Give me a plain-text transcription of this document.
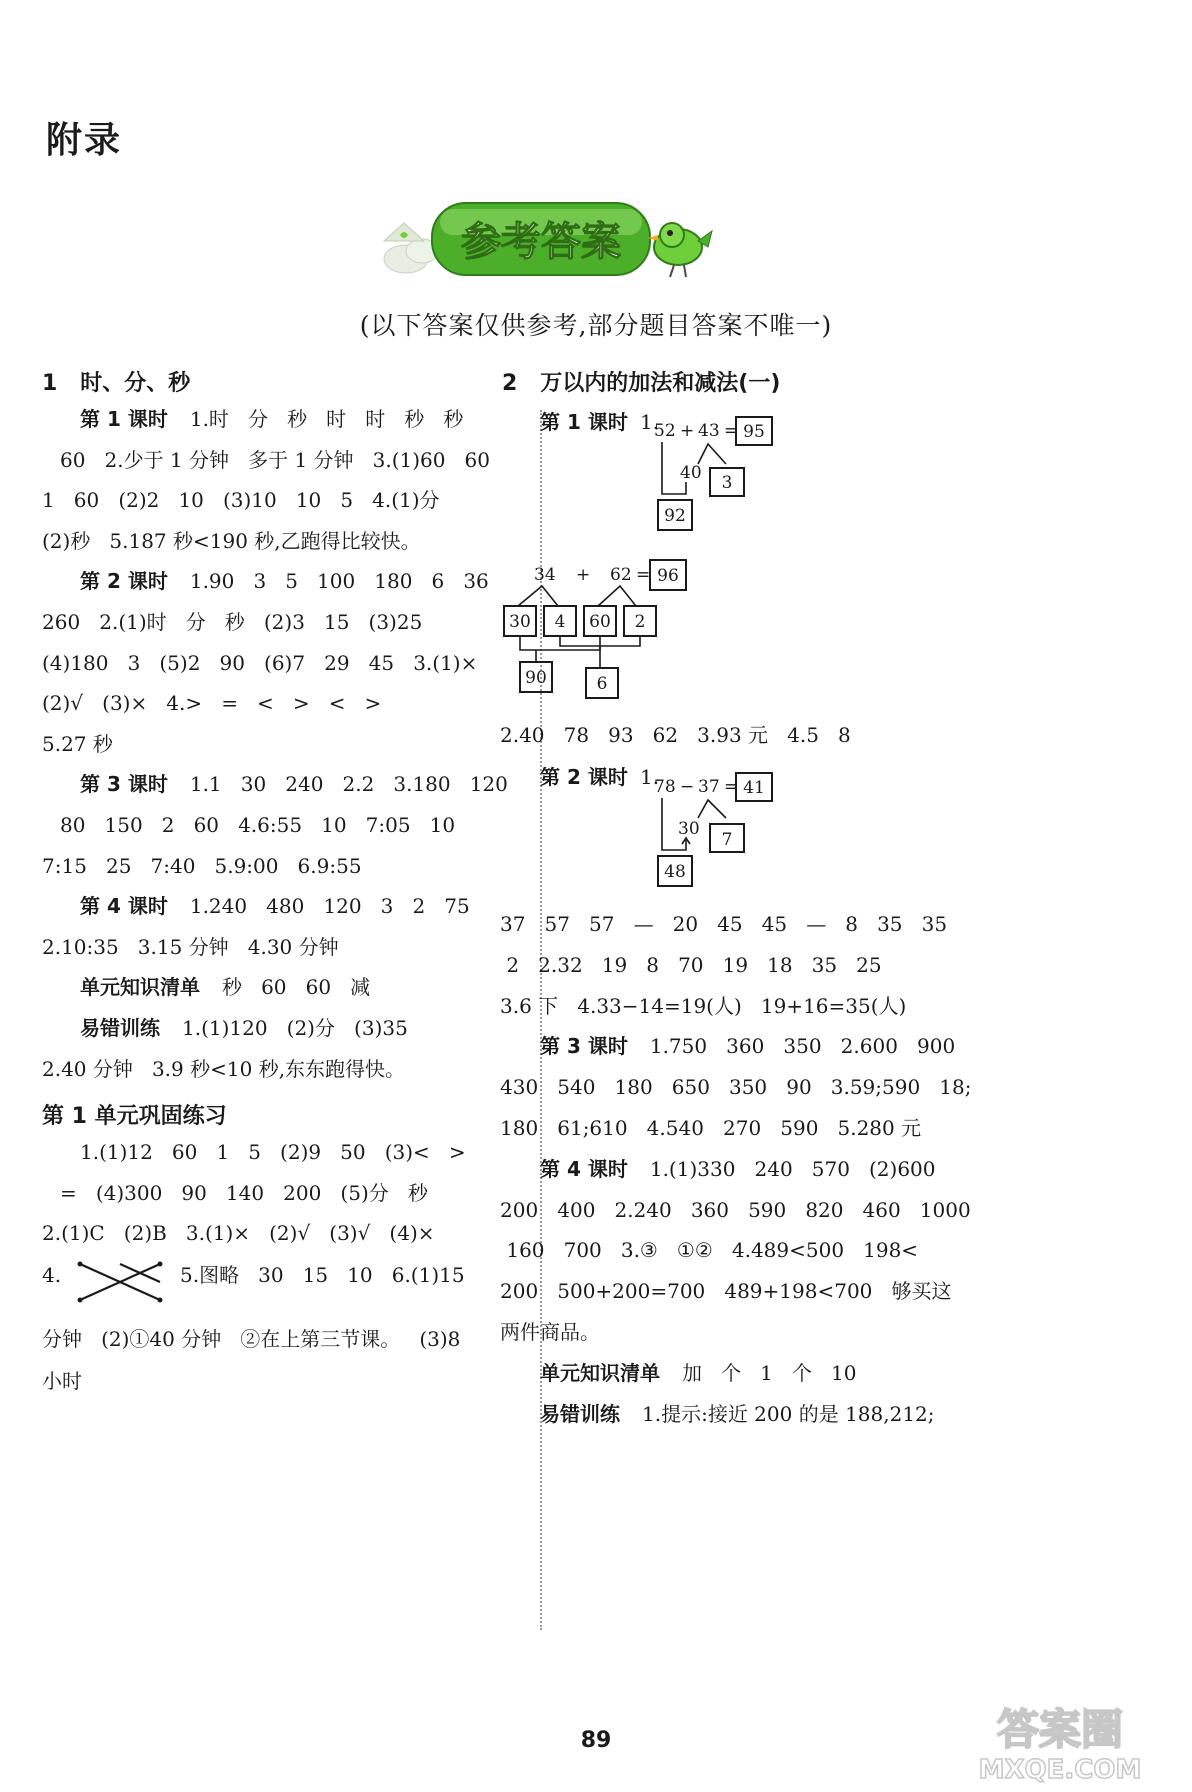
附录
参考答案
(以下答案仅供参考,部分题目答案不唯一)
1   时、分、秒
第 1 课时 1.时   分   秒   时   时   秒   秒
60   2.少于 1 分钟   多于 1 分钟   3.(1)60   60
1   60   (2)2   10   (3)10   10   5   4.(1)分
(2)秒   5.187 秒<190 秒,乙跑得比较快。
第 2 课时 1.90   3   5   100   180   6   36
260   2.(1)时   分   秒   (2)3   15   (3)25
(4)180   3   (5)2   90   (6)7   29   45   3.(1)×
(2)√   (3)×   4.>   =   <   >   <   >
5.27 秒
第 3 课时 1.1   30   240   2.2   3.180   120
80   150   2   60   4.6:55   10   7:05   10
7:15   25   7:40   5.9:00   6.9:55
第 4 课时 1.240   480   120   3   2   75
2.10:35   3.15 分钟   4.30 分钟
单元知识清单 秒   60   60   减
易错训练 1.(1)120   (2)分   (3)35
2.40 分钟   3.9 秒<10 秒,东东跑得快。
第 1 单元巩固练习
1.(1)12   60   1   5   (2)9   50   (3)<   >
=   (4)300   90   140   200   (5)分   秒
2.(1)C   (2)B   3.(1)×   (2)√   (3)√   (4)×
4.	5.图略   30   15   10   6.(1)15
分钟   (2)①40 分钟   ②在上第三节课。   (3)8
小时
2   万以内的加法和减法(一)
第 1 课时 1.
52 + 43 = 95
40 3
92
34 + 62 = 96
30 4 60 2
90	6
2.40   78   93   62   3.93 元   4.5   8
第 2 课时 1.
78 − 37 = 41
30
7
48
37   57   57   —   20   45   45   —   8   35   35
2   2.32   19   8   70   19   18   35   25
3.6 下   4.33−14=19(人)   19+16=35(人)
第 3 课时 1.750   360   350   2.600   900
430   540   180   650   350   90   3.59;590   18;
180   61;610   4.540   270   590   5.280 元
第 4 课时 1.(1)330   240   570   (2)600
200   400   2.240   360   590   820   460   1000
160   700   3.③   ①②   4.489<500   198<
200   500+200=700   489+198<700   够买这
两件商品。
单元知识清单 加   个   1   个   10
易错训练 1.提示:接近 200 的是 188,212;
89	答案圈
MXQE.COM
